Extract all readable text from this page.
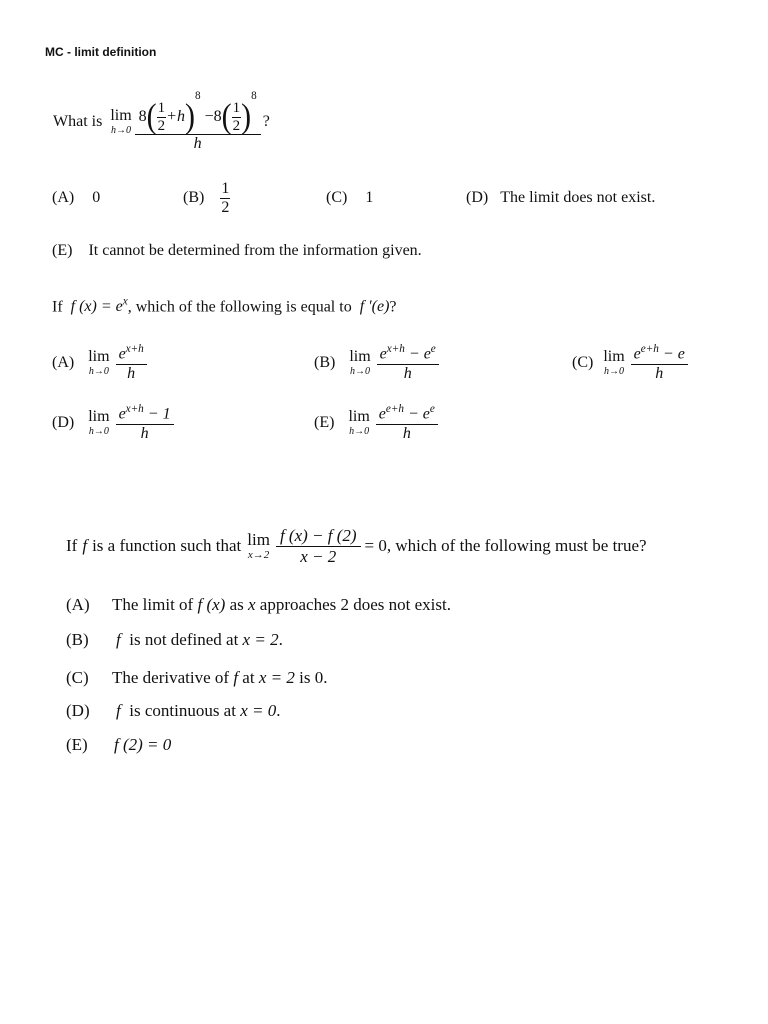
MC - limit definition
What is lim
$h\to 0 \frac{8( \frac{1}{2} +h)^8 -8( \frac{1}{2} )^8}{h}$ ?
(A) 0	(B)
1
2
(C) 1	(D) The limit does not exist.
(E) It cannot be determined from the information given.
If f $(x) = e^x$, which of the following is equal to f ′(e)?
(A) lim
$h\to 0 \frac{e^{x+h}}{h}$	(B) lim
$h\to 0 \frac{e^{x+h} - e^e}{h}$	(C) lim
$h\to 0 \frac{e^{e+h} - e}{h}$
(D) lim
$h\to 0 \frac{e^{x+h} - 1}{h}$	(E) lim
$h\to 0 \frac{e^{e+h} - e^e}{h}$
If f is a function such that lim
$x\to 2 \frac{f (x) - f (2)}{x - 2} = 0$ , which of the following must be true?
(A) The limit of f (x) as x approaches 2 does not exist.
(B) f is not defined at x = 2.
(C) The derivative of f at x = 2 is 0.
(D) f is continuous at x = 0.
(E) f (2) = 0
